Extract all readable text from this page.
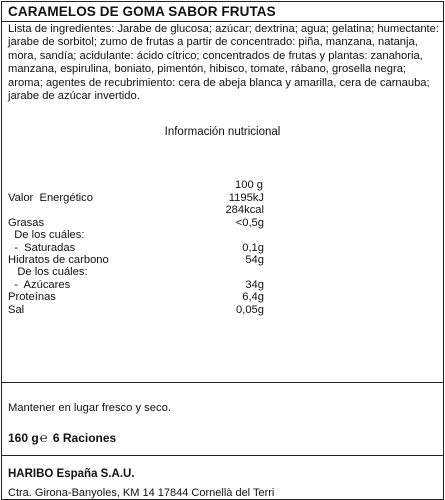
CARAMELOS DE GOMA SABOR FRUTAS
Lista de ingredientes: Jarabe de glucosa; azúcar; dextrina; agua; gelatina; humectante: jarabe de sorbitol; zumo de frutas a partir de concentrado: piña, manzana, natanja, mora, sandía; acidulante: ácido cítrico; concentrados de frutas y plantas: zanahoria, manzana, espirulina, boniato, pimentón, hibisco, tomate, rábano, grosella negra; aroma; agentes de recubrimiento: cera de abeja blanca y amarilla, cera de carnauba; jarabe de azúcar invertido.
Información nutricional
100 g
Valor  Energético	1195kJ
284kcal
Grasas	<0,5g
De los cuáles:
-  Saturadas	0,1g
Hidratos de carbono	54g
De los cuáles:
-  Azúcares	34g
Proteínas	6,4g
Sal	0,05g
Mantener en lugar fresco y seco.
160 g℮ 6 Raciones
HARIBO España S.A.U.
Ctra. Girona-Banyoles, KM 14 17844 Cornellà del Terri
